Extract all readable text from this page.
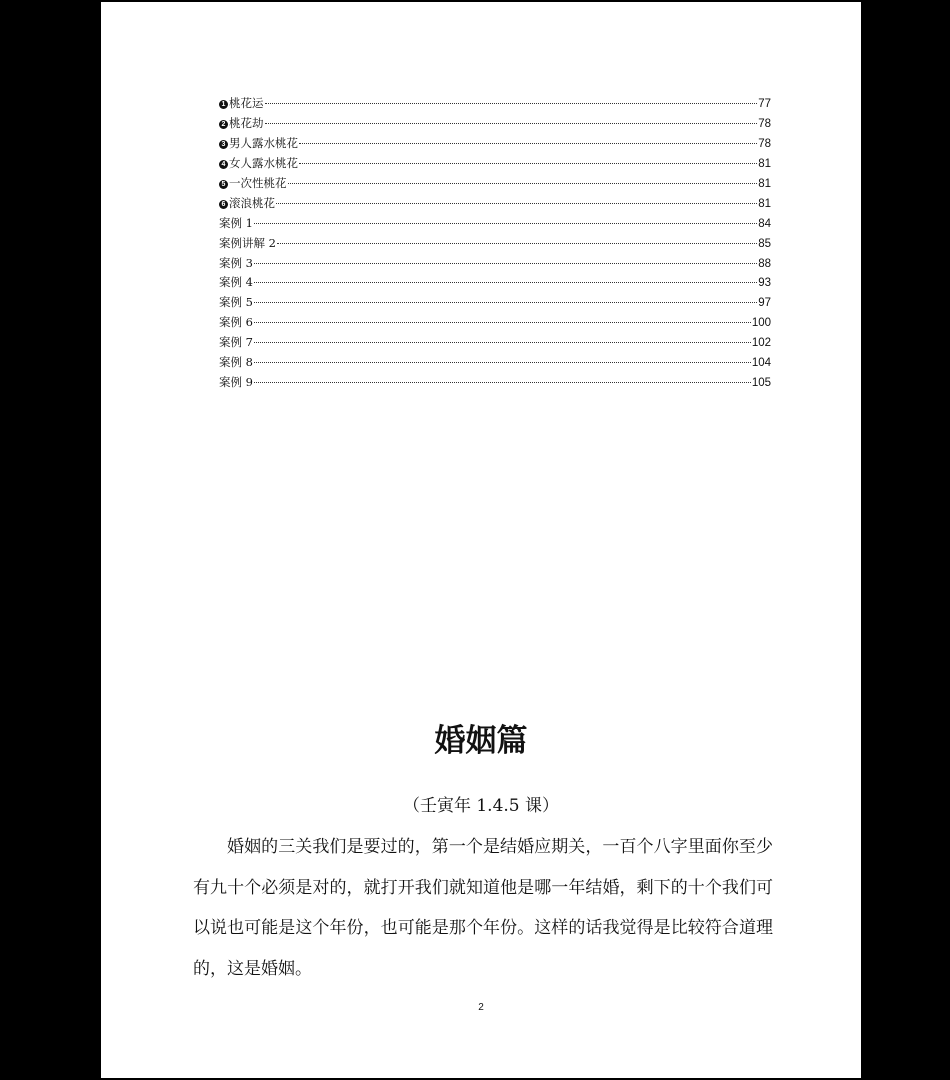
1 桃花运	77
2 桃花劫	78
3 男人露水桃花	78
4 女人露水桃花	81
5 一次性桃花	81
6 滚浪桃花	81
案例 1	84
案例讲解 2	85
案例 3	88
案例 4	93
案例 5	97
案例 6	100
案例 7	102
案例 8	104
案例 9	105
婚姻篇
（壬寅年 1.4.5 课）

婚姻的三关我们是要过的，第一个是结婚应期关，一百个八字里面你至少有九十个必须是对的，就打开我们就知道他是哪一年结婚，剩下的十个我们可以说也可能是这个年份，也可能是那个年份。这样的话我觉得是比较符合道理的，这是婚姻。

2
